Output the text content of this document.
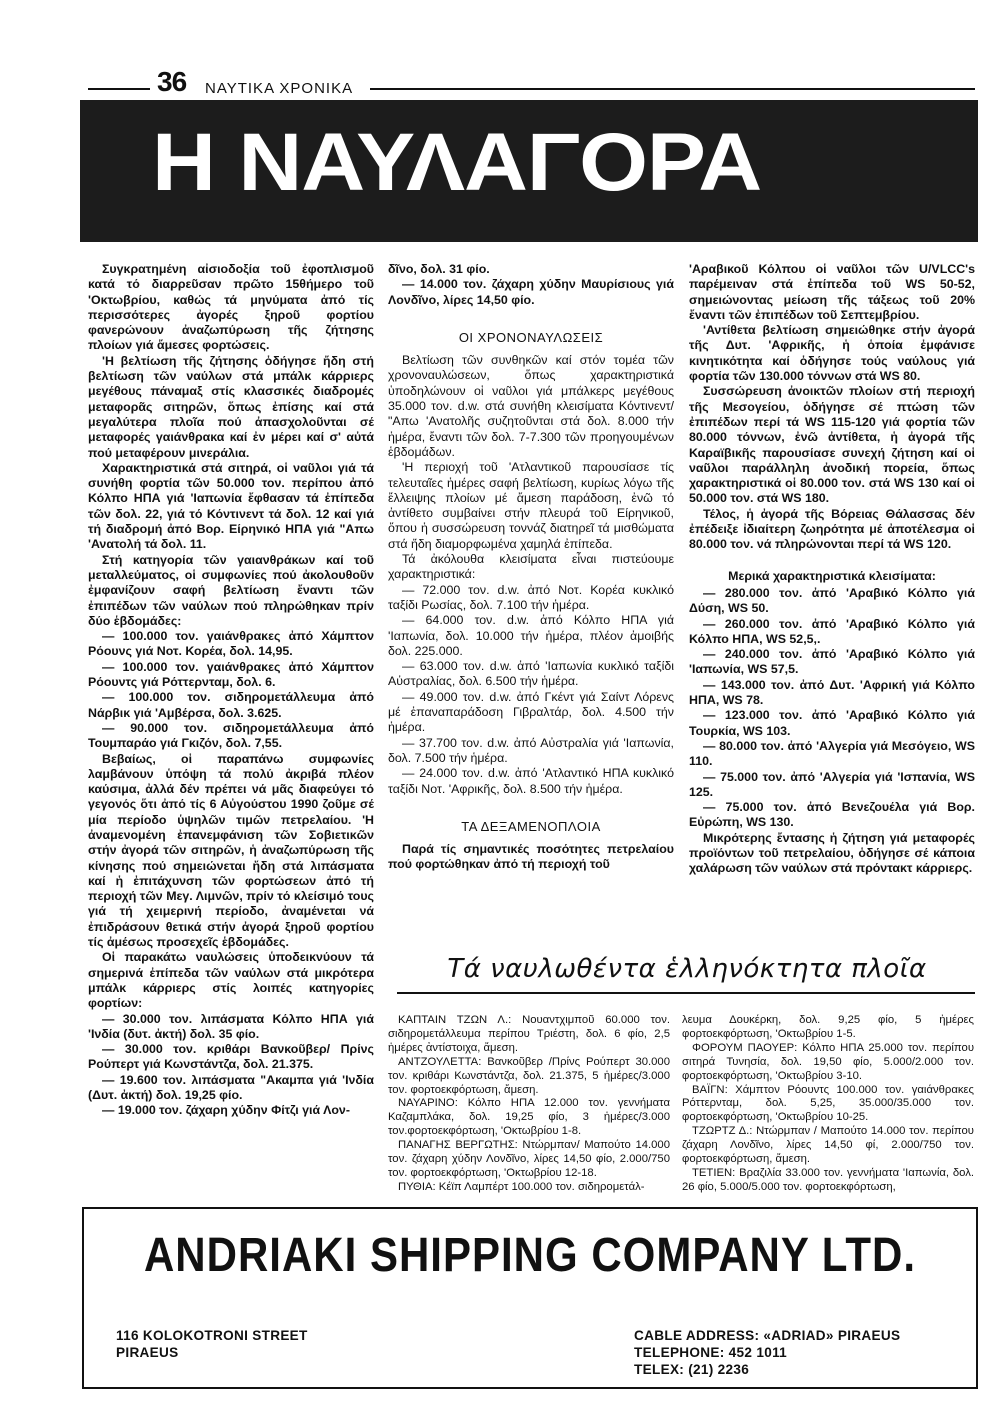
36 ΝΑΥΤΙΚΑ ΧΡΟΝΙΚΑ
Η ΝΑΥΛΑΓΟΡΑ

Συγκρατημένη αἰσιοδοξία τοῦ ἐφοπλισμοῦ κατά τό διαρρεῦσαν πρῶτο 15θήμερο τοῦ 'Οκτωβρίου, καθώς τά μηνύματα ἀπό τίς περισσότερες ἀγορές ξηροῦ φορτίου φανερώνουν ἀναζωπύρωση τῆς ζήτησης πλοίων γιά ἄμεσες φορτώσεις.

'Η βελτίωση τῆς ζήτησης ὁδήγησε ἤδη στή βελτίωση τῶν ναύλων στά μπάλκ κάρριερς μεγέθους πάναμαξ στίς κλασσικές διαδρομές μεταφορᾶς σιτηρῶν, ὅπως ἐπίσης καί στά μεγαλύτερα πλοῖα πού ἀπασχολοῦνται σέ μεταφορές γαιάνθρακα καί ἐν μέρει καί σ' αὐτά πού μεταφέρουν μινεράλια.

Χαρακτηριστικά στά σιτηρά, οἱ ναῦλοι γιά τά συνήθη φορτία τῶν 50.000 τον. περίπου ἀπό Κόλπο ΗΠΑ γιά 'Ιαπωνία ἔφθασαν τά ἐπίπεδα τῶν δολ. 22, γιά τό Κόντινεντ τά δολ. 12 καί γιά τή διαδρομή ἀπό Βορ. Είρηνικό ΗΠΑ γιά "Απω 'Ανατολή τά δολ. 11.

Στή κατηγορία τῶν γαιανθράκων καί τοῦ μεταλλεύματος, οἱ συμφωνίες πού ἀκολουθοῦν ἐμφανίζουν σαφή βελτίωση ἔναντι τῶν ἐπιπέδων τῶν ναύλων πού πληρώθηκαν πρίν δύο ἑβδομάδες:

— 100.000 τον. γαιάνθρακες ἀπό Χάμπτον Ρόουνς γιά Νοτ. Κορέα, δολ. 14,95.

— 100.000 τον. γαιάνθρακες ἀπό Χάμπτον Ρόουντς γιά Ρόττερνταμ, δολ. 6.

— 100.000 τον. σιδηρομετάλλευμα ἀπό Νάρβικ γιά 'Αμβέρσα, δολ. 3.625.

— 90.000 τον. σιδηρομετάλλευμα ἀπό Τουμπαράο γιά Γκιζόν, δολ. 7,55.

Βεβαίως, οἱ παραπάνω συμφωνίες λαμβάνουν ὑπόψη τά πολύ ἀκριβά πλέον καύσιμα, ἀλλά δέν πρέπει νά μᾶς διαφεύγει τό γεγονός ὅτι ἀπό τίς 6 Αὐγούστου 1990 ζοῦμε σέ μία περίοδο ὑψηλῶν τιμῶν πετρελαίου. 'Η ἀναμενομένη ἐπανεμφάνιση τῶν Σοβιετικῶν στήν ἀγορά τῶν σιτηρῶν, ἡ ἀναζωπύρωση τῆς κίνησης πού σημειώνεται ἤδη στά λιπάσματα καί ἡ ἐπιτάχυνση τῶν φορτώσεων ἀπό τή περιοχή τῶν Μεγ. Λιμνῶν, πρίν τό κλείσιμό τους γιά τή χειμερινή περίοδο, ἀναμένεται νά ἐπιδράσουν θετικά στήν ἀγορά ξηροῦ φορτίου τίς ἀμέσως προσεχεῖς ἑβδομάδες.

Οἱ παρακάτω ναυλώσεις ὑποδεικνύουν τά σημερινά ἐπίπεδα τῶν ναύλων στά μικρότερα μπάλκ κάρριερς στίς λοιπές κατηγορίες φορτίων:

— 30.000 τον. λιπάσματα Κόλπο ΗΠΑ γιά 'Ινδία (δυτ. ἀκτή) δολ. 35 φίο.

— 30.000 τον. κριθάρι Βανκοῦβερ/ Πρίνς Ρούπερτ γιά Κωνστάντζα, δολ. 21.375.

— 19.600 τον. λιπάσματα "Ακαμπα γιά 'Ινδία (Δυτ. ἀκτή) δολ. 19,25 φίο.

— 19.000 τον. ζάχαρη χύδην Φίτζι γιά Λον-

δῖνο, δολ. 31 φίο.

— 14.000 τον. ζάχαρη χύδην Μαυρίσιους γιά Λονδῖνο, λίρες 14,50 φίο.

ΟΙ ΧΡΟΝΟΝΑΥΛΩΣΕΙΣ

Βελτίωση τῶν συνθηκῶν καί στόν τομέα τῶν χρονοναυλώσεων, ὅπως χαρακτηριστικά ὑποδηλώνουν οἱ ναῦλοι γιά μπάλκερς μεγέθους 35.000 τον. d.w. στά συνήθη κλεισίματα Κόντινεντ/ "Απω 'Ανατολῆς συζητοῦνται στά δολ. 8.000 τήν ἡμέρα, ἔναντι τῶν δολ. 7-7.300 τῶν προηγουμένων ἑβδομάδων.

'Η περιοχή τοῦ 'Ατλαντικοῦ παρουσίασε τίς τελευταῖες ἡμέρες σαφή βελτίωση, κυρίως λόγω τῆς ἔλλειψης πλοίων μέ ἄμεση παράδοση, ἐνῶ τό ἀντίθετο συμβαίνει στήν πλευρά τοῦ Είρηνικοῦ, ὅπου ἡ συσσώρευση τοννάζ διατηρεῖ τά μισθώματα στά ἤδη διαμορφωμένα χαμηλά ἐπίπεδα.

Τά ἀκόλουθα κλεισίματα εἶναι πιστεύουμε χαρακτηριστικά:

— 72.000 τον. d.w. ἀπό Νοτ. Κορέα κυκλικό ταξίδι Ρωσίας, δολ. 7.100 τήν ἡμέρα.

— 64.000 τον. d.w. ἀπό Κόλπο ΗΠΑ γιά 'Ιαπωνία, δολ. 10.000 τήν ἡμέρα, πλέον ἀμοιβής δολ. 225.000.

— 63.000 τον. d.w. ἀπό 'Ιαπωνία κυκλικό ταξίδι Αὐστραλίας, δολ. 6.500 τήν ἡμέρα.

— 49.000 τον. d.w. ἀπό Γκέντ γιά Σαίντ Λόρενς μέ ἐπαναπαράδοση Γιβραλτάρ, δολ. 4.500 τήν ἡμέρα.

— 37.700 τον. d.w. ἀπό Αὐστραλία γιά 'Ιαπωνία, δολ. 7.500 τήν ἡμέρα.

— 24.000 τον. d.w. ἀπό 'Ατλαντικό ΗΠΑ κυκλικό ταξίδι Νοτ. 'Αφρικῆς, δολ. 8.500 τήν ἡμέρα.

ΤΑ ΔΕΞΑΜΕΝΟΠΛΟΙΑ

Παρά τίς σημαντικές ποσότητες πετρελαίου πού φορτώθηκαν ἀπό τή περιοχή τοῦ

'Αραβικοῦ Κόλπου οἱ ναῦλοι τῶν U/VLCC's παρέμειναν στά ἐπίπεδα τοῦ WS 50-52, σημειώνοντας μείωση τῆς τάξεως τοῦ 20% ἔναντι τῶν ἐπιπέδων τοῦ Σεπτεμβρίου.

'Αντίθετα βελτίωση σημειώθηκε στήν ἀγορά τῆς Δυτ. 'Αφρικῆς, ἡ ὁποία ἐμφάνισε κινητικότητα καί ὁδήγησε τούς ναύλους γιά φορτία τῶν 130.000 τόννων στά WS 80.

Συσσώρευση ἀνοικτῶν πλοίων στή περιοχή τῆς Μεσογείου, ὁδήγησε σέ πτώση τῶν ἐπιπέδων περί τά WS 115-120 γιά φορτία τῶν 80.000 τόννων, ἐνῶ ἀντίθετα, ἡ ἀγορά τῆς Καραϊβικῆς παρουσίασε συνεχή ζήτηση καί οἱ ναῦλοι παράλληλη ἀνοδική πορεία, ὅπως χαρακτηριστικά οἱ 80.000 τον. στά WS 130 καί οἱ 50.000 τον. στά WS 180.

Τέλος, ἡ ἀγορά τῆς Βόρειας Θάλασσας δέν ἐπέδειξε ἰδιαίτερη ζωηρότητα μέ ἀποτέλεσμα οἱ 80.000 τον. νά πληρώνονται περί τά WS 120.

Μερικά χαρακτηριστικά κλεισίματα:

— 280.000 τον. ἀπό 'Αραβικό Κόλπο γιά Δύση, WS 50.

— 260.000 τον. ἀπό 'Αραβικό Κόλπο γιά Κόλπο ΗΠΑ, WS 52,5,.

— 240.000 τον. ἀπό 'Αραβικό Κόλπο γιά 'Ιαπωνία, WS 57,5.

— 143.000 τον. ἀπό Δυτ. 'Αφρική γιά Κόλπο ΗΠΑ, WS 78.

— 123.000 τον. ἀπό 'Αραβικό Κόλπο γιά Τουρκία, WS 103.

— 80.000 τον. ἀπό 'Αλγερία γιά Μεσόγειο, WS 110.

— 75.000 τον. ἀπό 'Αλγερία γιά 'Ισπανία, WS 125.

— 75.000 τον. ἀπό Βενεζουέλα γιά Βορ. Εὐρώπη, WS 130.

Μικρότερης ἔντασης ἡ ζήτηση γιά μεταφορές προϊόντων τοῦ πετρελαίου, ὁδήγησε σέ κάποια χαλάρωση τῶν ναύλων στά πρόντακτ κάρριερς.

Τά ναυλωθέντα ἑλληνόκτητα πλοῖα

ΚΑΠΤΑΙΝ ΤΖΩΝ Λ.: Νουαντχιμποῦ 60.000 τον. σιδηρομετάλλευμα περίπου Τριέστη, δολ. 6 φίο, 2,5 ἡμέρες ἀντίστοιχα, ἄμεση.

ΑΝΤΖΟΥΛΕΤΤΑ: Βανκοῦβερ /Πρίνς Ρούπερτ 30.000 τον. κριθάρι Κωνστάντζα, δολ. 21.375, 5 ἡμέρες/3.000 τον. φορτοεκφόρτωση, ἄμεση.

ΝΑΥΑΡΙΝΟ: Κόλπο ΗΠΑ 12.000 τον. γεννήματα Καζαμπλάκα, δολ. 19,25 φίο, 3 ἡμέρες/3.000 τον.φορτοεκφόρτωση, 'Οκτωβρίου 1-8.

ΠΑΝΑΓΗΣ ΒΕΡΓΩΤΗΣ: Ντώρμπαν/ Μαπούτο 14.000 τον. ζάχαρη χύδην Λονδῖνο, λίρες 14,50 φίο, 2.000/750 τον. φορτοεκφόρτωση, 'Οκτωβρίου 12-18.

ΠΥΘΙΑ: Κέϊπ Λαμπέρτ 100.000 τον. σιδηρομετάλ-

λευμα Δουκέρκη, δολ. 9,25 φίο, 5 ἡμέρες φορτοεκφόρτωση, 'Οκτωβρίου 1-5.

ΦΟΡΟΥΜ ΠΑΟΥΕΡ: Κόλπο ΗΠΑ 25.000 τον. περίπου σιτηρά Τυνησία, δολ. 19,50 φίο, 5.000/2.000 τον. φορτοεκφόρτωση, 'Οκτωβρίου 3-10.

ΒΑΪΓΝ: Χάμπτον Ρόουντς 100.000 τον. γαιάνθρακες Ρόττερνταμ, δολ. 5,25, 35.000/35.000 τον. φορτοεκφόρτωση, 'Οκτωβρίου 10-25.

ΤΖΩΡΤΖ Δ.: Ντώρμπαν / Μαπούτο 14.000 τον. περίπου ζάχαρη Λονδῖνο, λίρες 14,50 φί, 2.000/750 τον. φορτοεκφόρτωση, ἄμεση.

ΤΕΤΙΕΝ: Βραζιλία 33.000 τον. γεννήματα 'Ιαπωνία, δολ. 26 φίο, 5.000/5.000 τον. φορτοεκφόρτωση,

ANDRIAKI SHIPPING COMPANY LTD.
116 KOLOKOTRONI STREET
PIRAEUS
CABLE ADDRESS: «ADRIAD» PIRAEUS
TELEPHONE: 452 1011
TELEX: (21) 2236
